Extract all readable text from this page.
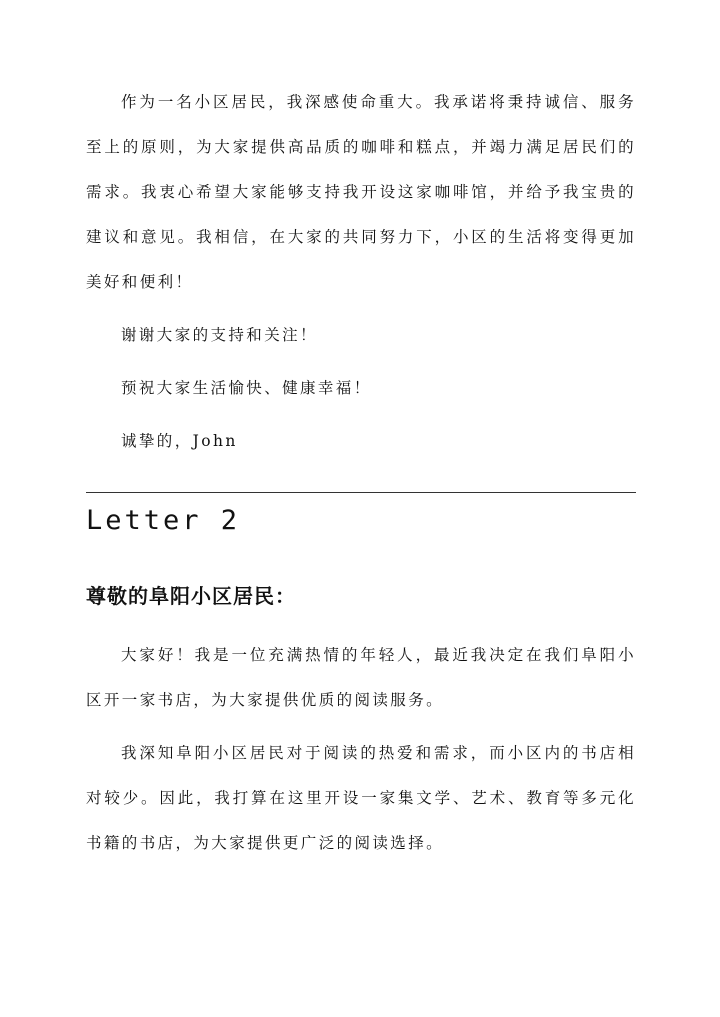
作为一名小区居民，我深感使命重大。我承诺将秉持诚信、服务至上的原则，为大家提供高品质的咖啡和糕点，并竭力满足居民们的需求。我衷心希望大家能够支持我开设这家咖啡馆，并给予我宝贵的建议和意见。我相信，在大家的共同努力下，小区的生活将变得更加美好和便利！

谢谢大家的支持和关注！

预祝大家生活愉快、健康幸福！

诚挚的，John

Letter 2
尊敬的阜阳小区居民：

大家好！我是一位充满热情的年轻人，最近我决定在我们阜阳小区开一家书店，为大家提供优质的阅读服务。

我深知阜阳小区居民对于阅读的热爱和需求，而小区内的书店相对较少。因此，我打算在这里开设一家集文学、艺术、教育等多元化书籍的书店，为大家提供更广泛的阅读选择。
